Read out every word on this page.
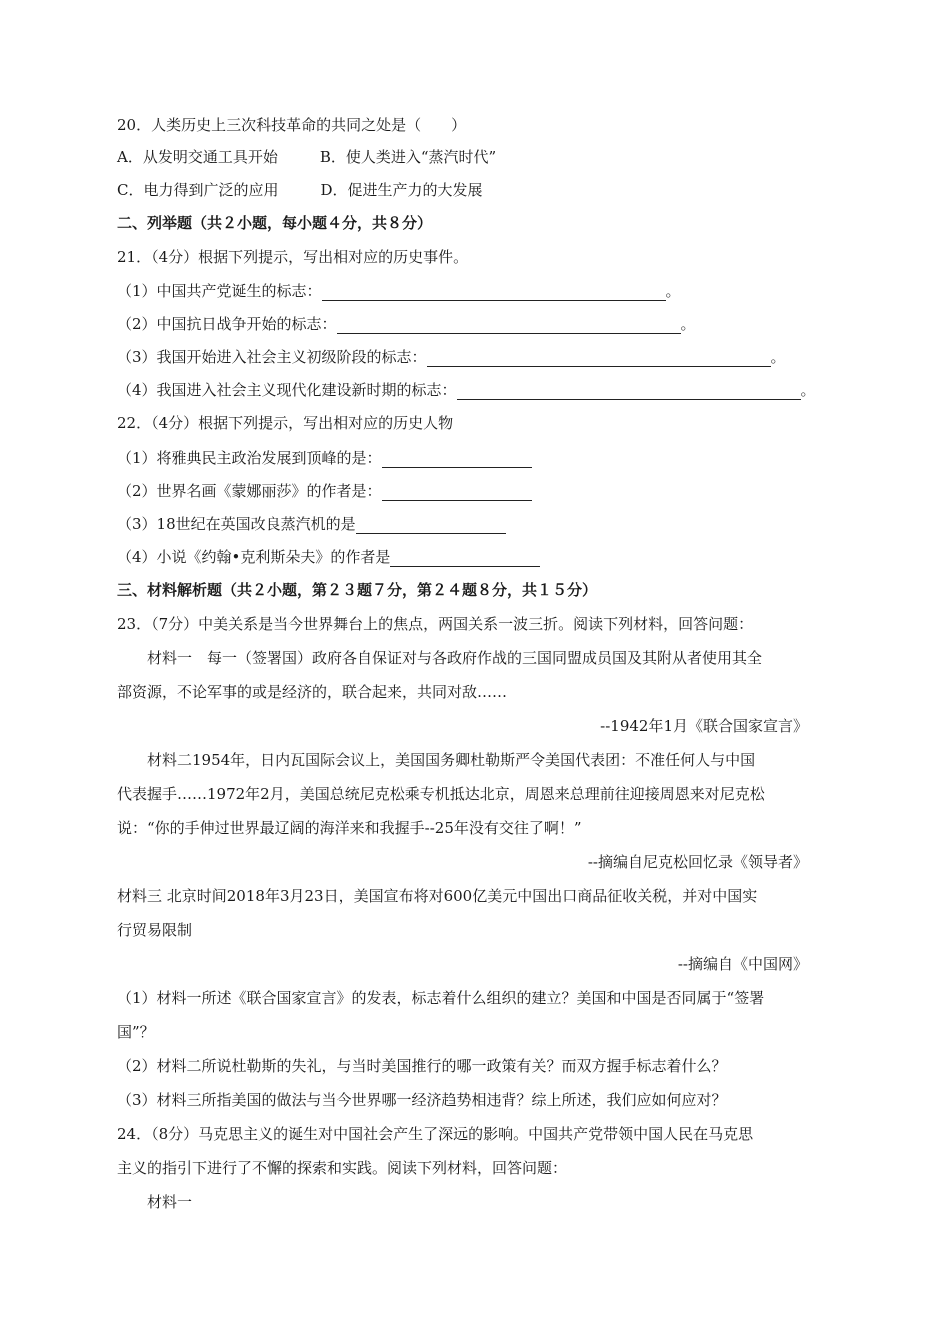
20．人类历史上三次科技革命的共同之处是（　　）
A．从发明交通工具开始	B．使人类进入“蒸汽时代”
C．电力得到广泛的应用	D．促进生产力的大发展
二、列举题（共２小题，每小题４分，共８分）
21．（4分）根据下列提示，写出相对应的历史事件。
（1）中国共产党诞生的标志：	。
（2）中国抗日战争开始的标志：	。
（3）我国开始进入社会主义初级阶段的标志：	。
（4）我国进入社会主义现代化建设新时期的标志：	。
22．（4分）根据下列提示，写出相对应的历史人物
（1）将雅典民主政治发展到顶峰的是：
（2）世界名画《蒙娜丽莎》的作者是：
（3）18世纪在英国改良蒸汽机的是
（4）小说《约翰•克利斯朵夫》的作者是
三、材料解析题（共２小题，第２３题７分，第２４题８分，共１５分）
23．（7分）中美关系是当今世界舞台上的焦点，两国关系一波三折。阅读下列材料，回答问题：
材料一　每一（签署国）政府各自保证对与各政府作战的三国同盟成员国及其附从者使用其全
部资源，不论军事的或是经济的，联合起来，共同对敌……
--1942年1月《联合国家宣言》
材料二1954年，日内瓦国际会议上，美国国务卿杜勒斯严令美国代表团：不准任何人与中国
代表握手……1972年2月，美国总统尼克松乘专机抵达北京，周恩来总理前往迎接周恩来对尼克松
说：“你的手伸过世界最辽阔的海洋来和我握手--25年没有交往了啊！”
--摘编自尼克松回忆录《领导者》
材料三 北京时间2018年3月23日，美国宣布将对600亿美元中国出口商品征收关税，并对中国实
行贸易限制
--摘编自《中国网》
（1）材料一所述《联合国家宣言》的发表，标志着什么组织的建立？美国和中国是否同属于“签署
国”？
（2）材料二所说杜勒斯的失礼，与当时美国推行的哪一政策有关？而双方握手标志着什么？
（3）材料三所指美国的做法与当今世界哪一经济趋势相违背？综上所述，我们应如何应对？
24．（8分）马克思主义的诞生对中国社会产生了深远的影响。中国共产党带领中国人民在马克思
主义的指引下进行了不懈的探索和实践。阅读下列材料，回答问题：
材料一
